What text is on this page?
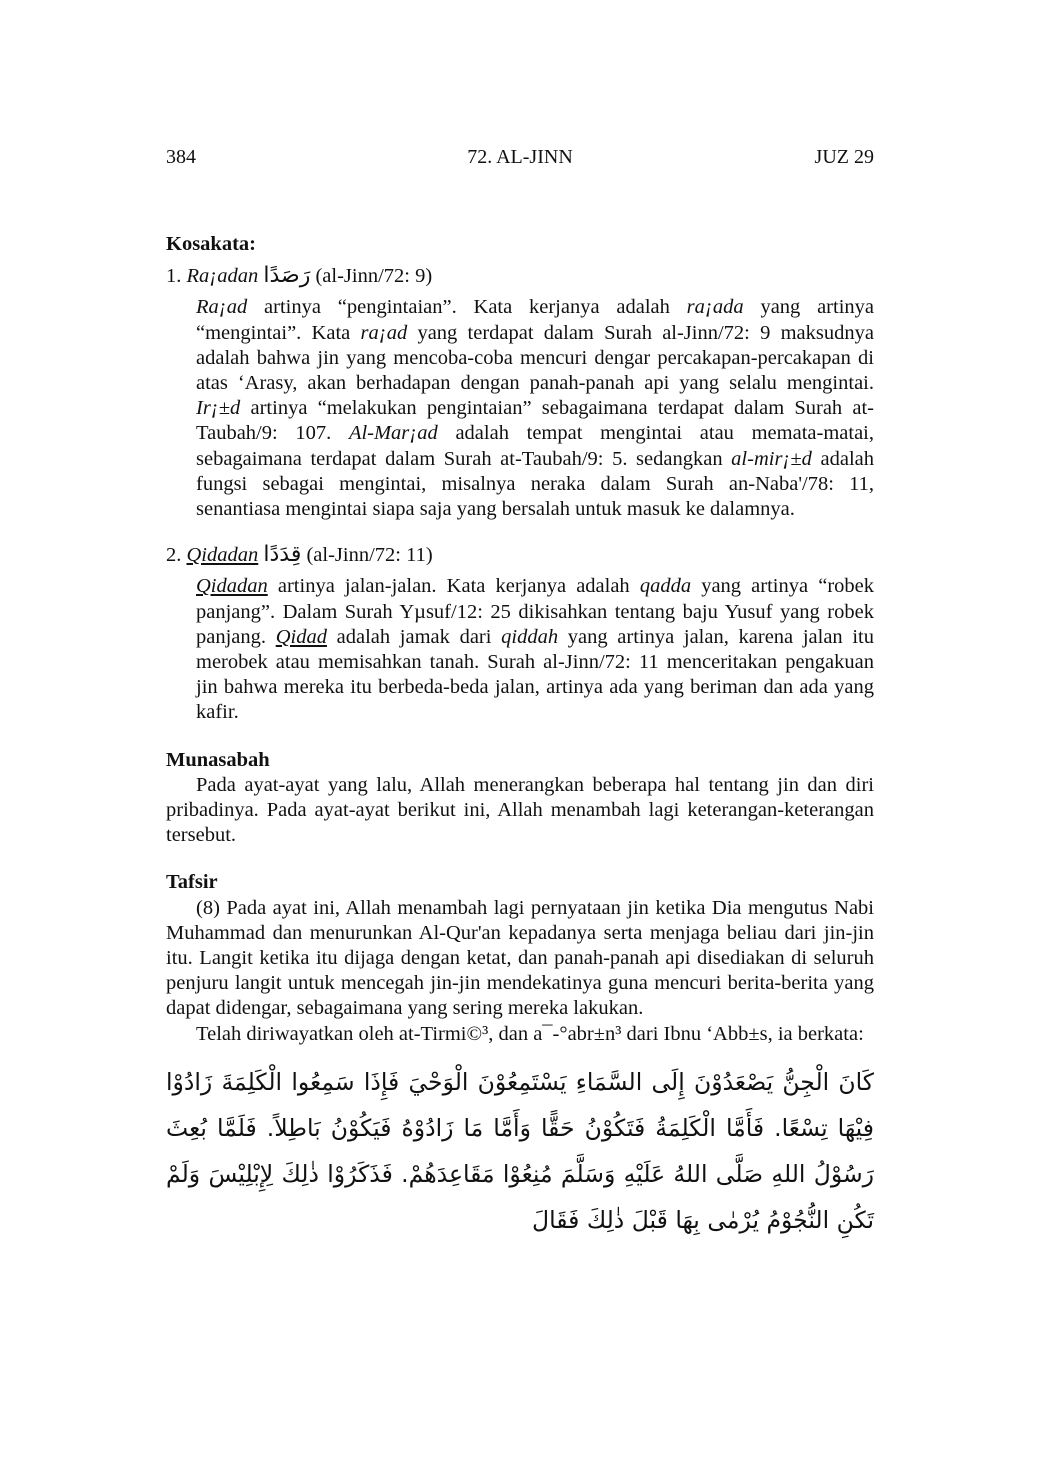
384	72. AL-JINN	JUZ 29

Kosakata:

1. Ra¡adan رَصَدًا (al-Jinn/72: 9)

Ra¡ad artinya “pengintaian”. Kata kerjanya adalah ra¡ada yang artinya “mengintai”. Kata ra¡ad yang terdapat dalam Surah al-Jinn/72: 9 maksudnya adalah bahwa jin yang mencoba-coba mencuri dengar percakapan-percakapan di atas ‘Arasy, akan berhadapan dengan panah-panah api yang selalu mengintai. Ir¡±d artinya “melakukan pengintaian” sebagaimana terdapat dalam Surah at-Taubah/9: 107. Al-Mar¡ad adalah tempat mengintai atau memata-matai, sebagaimana terdapat dalam Surah at-Taubah/9: 5. sedangkan al-mir¡±d adalah fungsi sebagai mengintai, misalnya neraka dalam Surah an-Naba'/78: 11, senantiasa mengintai siapa saja yang bersalah untuk masuk ke dalamnya.

2. Qidadan قِدَدًا (al-Jinn/72: 11)

Qidadan artinya jalan-jalan. Kata kerjanya adalah qadda yang artinya “robek panjang”. Dalam Surah Yµsuf/12: 25 dikisahkan tentang baju Yusuf yang robek panjang. Qidad adalah jamak dari qiddah yang artinya jalan, karena jalan itu merobek atau memisahkan tanah. Surah al-Jinn/72: 11 menceritakan pengakuan jin bahwa mereka itu berbeda-beda jalan, artinya ada yang beriman dan ada yang kafir.

Munasabah

Pada ayat-ayat yang lalu, Allah menerangkan beberapa hal tentang jin dan diri pribadinya. Pada ayat-ayat berikut ini, Allah menambah lagi keterangan-keterangan tersebut.

Tafsir

(8) Pada ayat ini, Allah menambah lagi pernyataan jin ketika Dia mengutus Nabi Muhammad dan menurunkan Al-Qur'an kepadanya serta menjaga beliau dari jin-jin itu. Langit ketika itu dijaga dengan ketat, dan panah-panah api disediakan di seluruh penjuru langit untuk mencegah jin-jin mendekatinya guna mencuri berita-berita yang dapat didengar, sebagaimana yang sering mereka lakukan.

Telah diriwayatkan oleh at-Tirmi©³, dan a¯-°abr±n³ dari Ibnu ‘Abb±s, ia berkata:

كَانَ الْجِنُّ يَصْعَدُوْنَ إِلَى السَّمَاءِ يَسْتَمِعُوْنَ الْوَحْيَ فَإِذَا سَمِعُوا الْكَلِمَةَ زَادُوْا فِيْهَا تِسْعًا. فَأَمَّا الْكَلِمَةُ فَتَكُوْنُ حَقًّا وَأَمَّا مَا زَادُوْهُ فَيَكُوْنُ بَاطِلاً. فَلَمَّا بُعِثَ رَسُوْلُ اللهِ صَلَّى اللهُ عَلَيْهِ وَسَلَّمَ مُنِعُوْا مَقَاعِدَهُمْ. فَذَكَرُوْا ذٰلِكَ لِإِبْلِيْسَ وَلَمْ تَكُنِ النُّجُوْمُ يُرْمٰى بِهَا قَبْلَ ذٰلِكَ فَقَالَ
